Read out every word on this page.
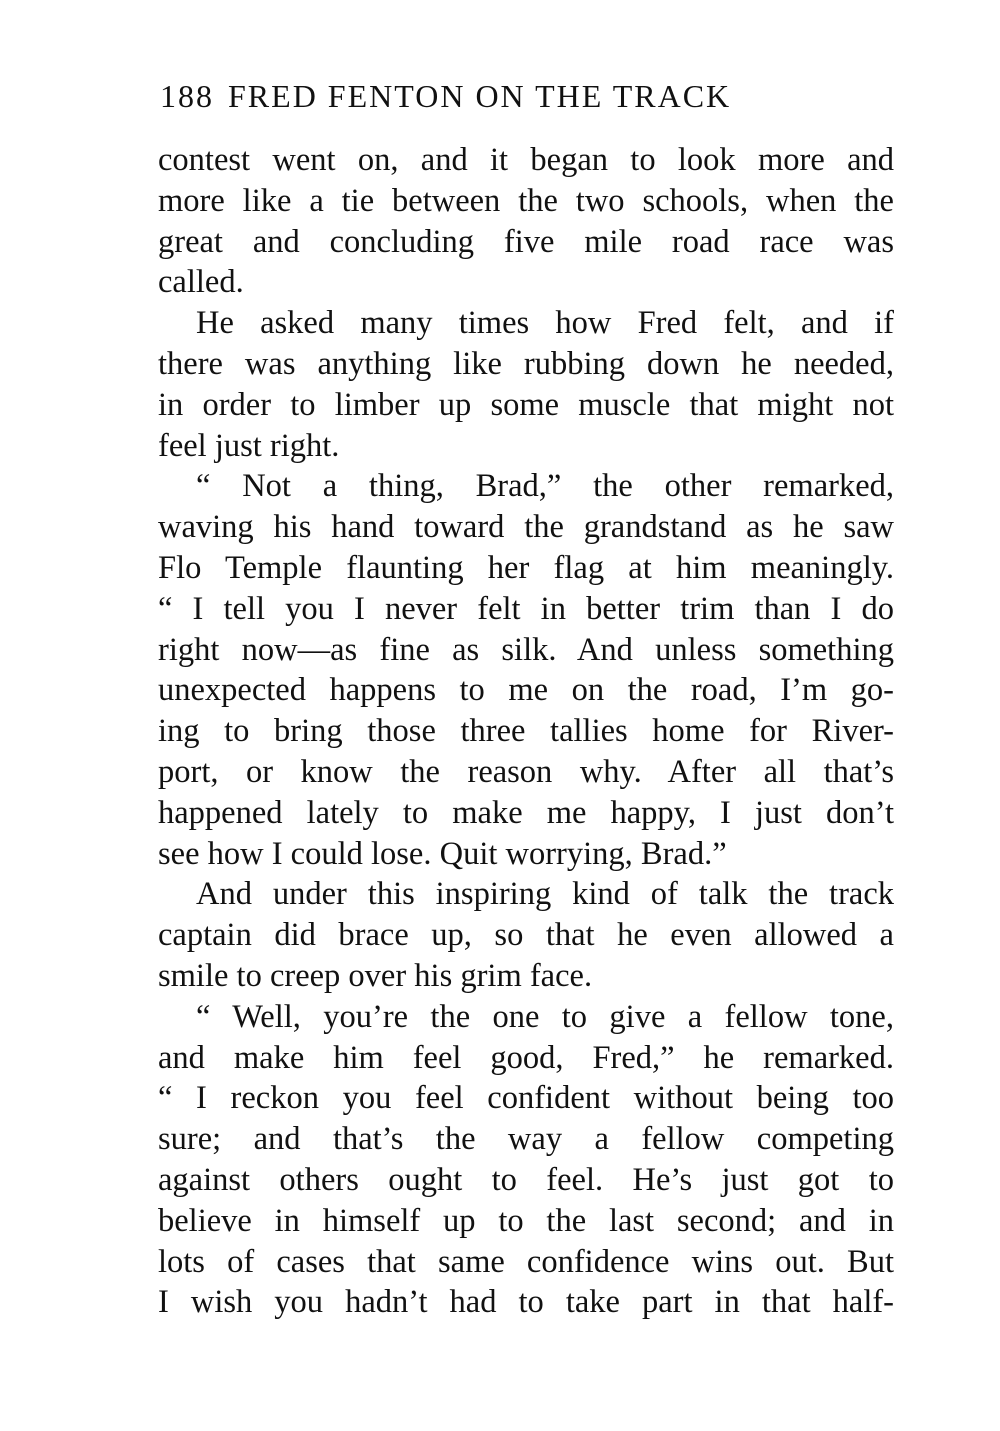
188 FRED FENTON ON THE TRACK
contest went on, and it began to look more and
more like a tie between the two schools, when the
great and concluding five mile road race was
called.
He asked many times how Fred felt, and if
there was anything like rubbing down he needed,
in order to limber up some muscle that might not
feel just right.
“ Not a thing, Brad,” the other remarked,
waving his hand toward the grandstand as he saw
Flo Temple flaunting her flag at him meaningly.
“ I tell you I never felt in better trim than I do
right now—as fine as silk. And unless something
unexpected happens to me on the road, I’m go-
ing to bring those three tallies home for River-
port, or know the reason why. After all that’s
happened lately to make me happy, I just don’t
see how I could lose. Quit worrying, Brad.”
And under this inspiring kind of talk the track
captain did brace up, so that he even allowed a
smile to creep over his grim face.
“ Well, you’re the one to give a fellow tone,
and make him feel good, Fred,” he remarked.
“ I reckon you feel confident without being too
sure; and that’s the way a fellow competing
against others ought to feel. He’s just got to
believe in himself up to the last second; and in
lots of cases that same confidence wins out. But
I wish you hadn’t had to take part in that half-
